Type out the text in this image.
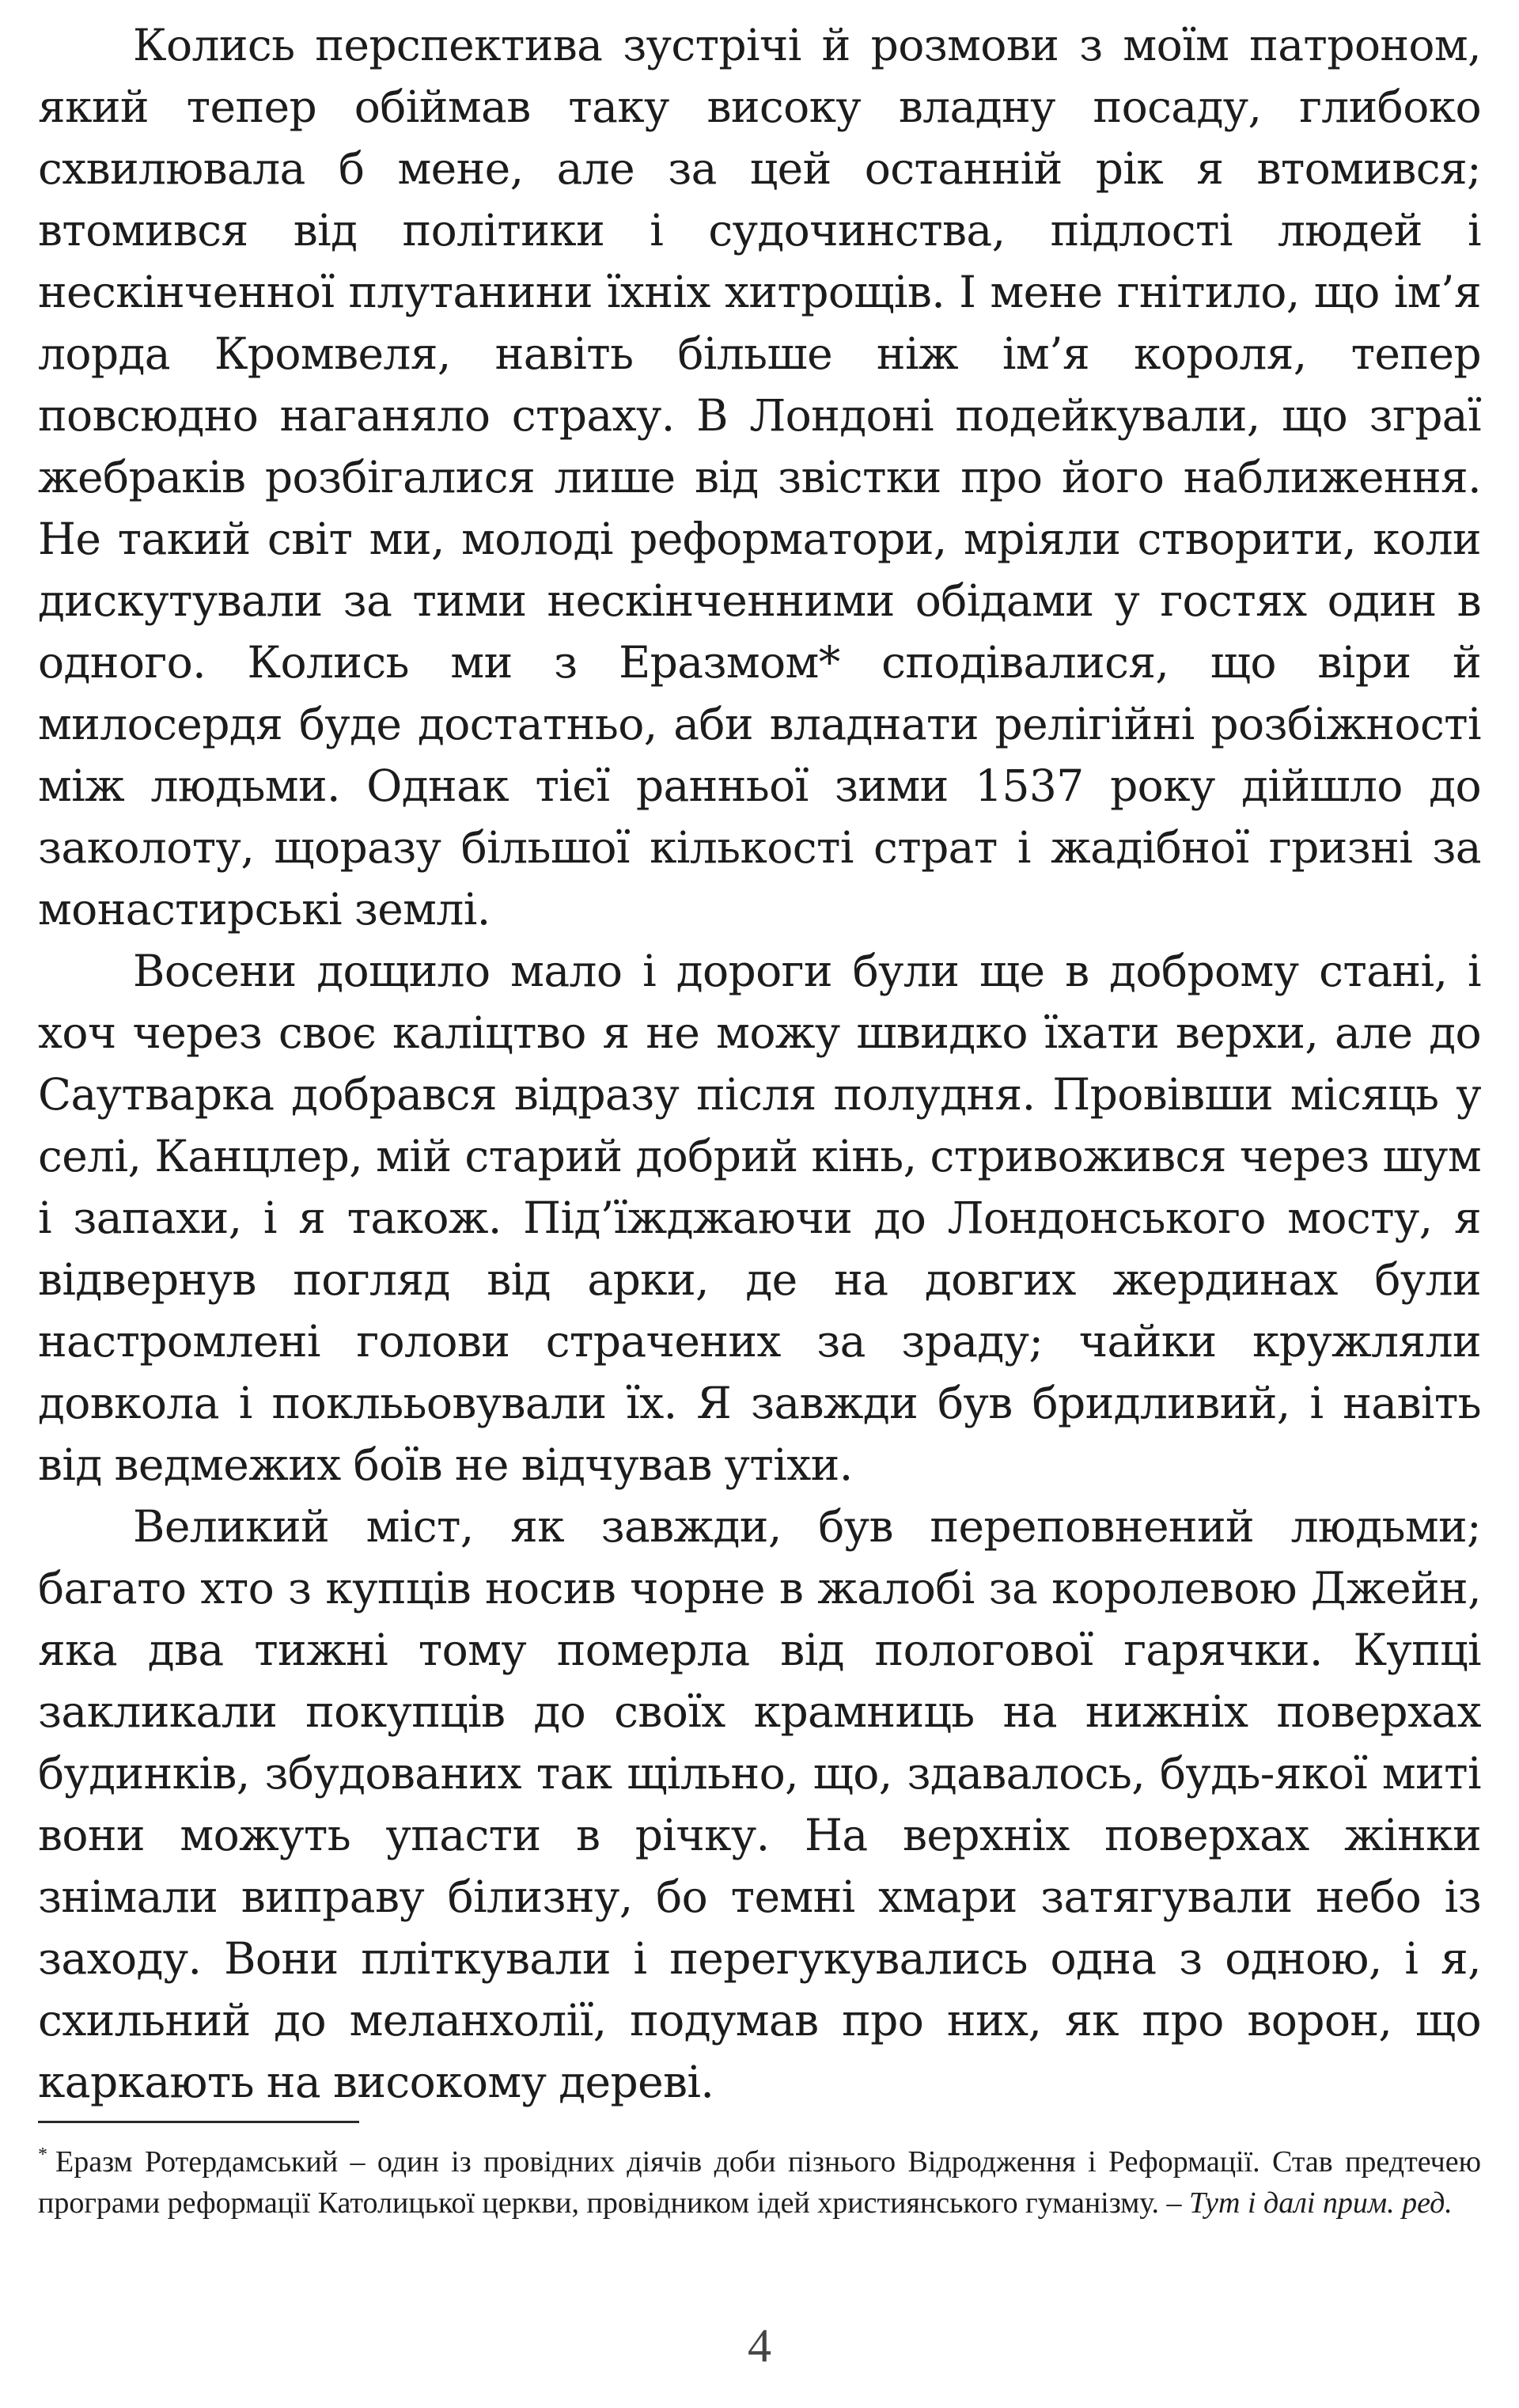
Колись перспектива зустрічі й розмови з моїм патроном, який тепер обіймав таку високу владну посаду, глибоко схвилювала б мене, але за цей останній рік я втомився; втомився від політики і судочинства, підлості людей і нескінченної плутанини їхніх хитрощів. І мене гнітило, що ім’я лорда Кромвеля, навіть більше ніж ім’я короля, тепер повсюдно наганяло страху. В Лондоні подейкували, що зграї жебраків розбігалися лише від звістки про його наближення. Не такий світ ми, молоді реформатори, мріяли створити, коли дискутували за тими нескінченними обідами у гостях один в одного. Колись ми з Еразмом* сподівалися, що віри й милосердя буде достатньо, аби владнати релігійні розбіжності між людьми. Однак тієї ранньої зими 1537 року дійшло до заколоту, щоразу більшої кількості страт і жадібної гризні за монастирські землі.

Восени дощило мало і дороги були ще в доброму стані, і хоч через своє каліцтво я не можу швидко їхати верхи, але до Саутварка добрався відразу після полудня. Провівши місяць у селі, Канцлер, мій старий добрий кінь, стривожився через шум і запахи, і я також. Під’їжджаючи до Лондонського мосту, я відвернув погляд від арки, де на довгих жердинах були настромлені голови страчених за зраду; чайки кружляли довкола і поклььовували їх. Я завжди був бридливий, і навіть від ведмежих боїв не відчував утіхи.

Великий міст, як завжди, був переповнений людьми; багато хто з купців носив чорне в жалобі за королевою Джейн, яка два тижні тому померла від пологової гарячки. Купці закликали покупців до своїх крамниць на нижніх поверхах будинків, збудованих так щільно, що, здавалось, будь-якої миті вони можуть упасти в річку. На верхніх поверхах жінки знімали виправу білизну, бо темні хмари затягували небо із заходу. Вони пліткували і перегукувались одна з одною, і я, схильний до меланхолії, подумав про них, як про ворон, що каркають на високому дереві.

* Еразм Ротердамський – один із провідних діячів доби пізнього Відродження і Реформації. Став предтечею програми реформації Католицької церкви, провідником ідей християнського гуманізму. – Тут і далі прим. ред.

4
